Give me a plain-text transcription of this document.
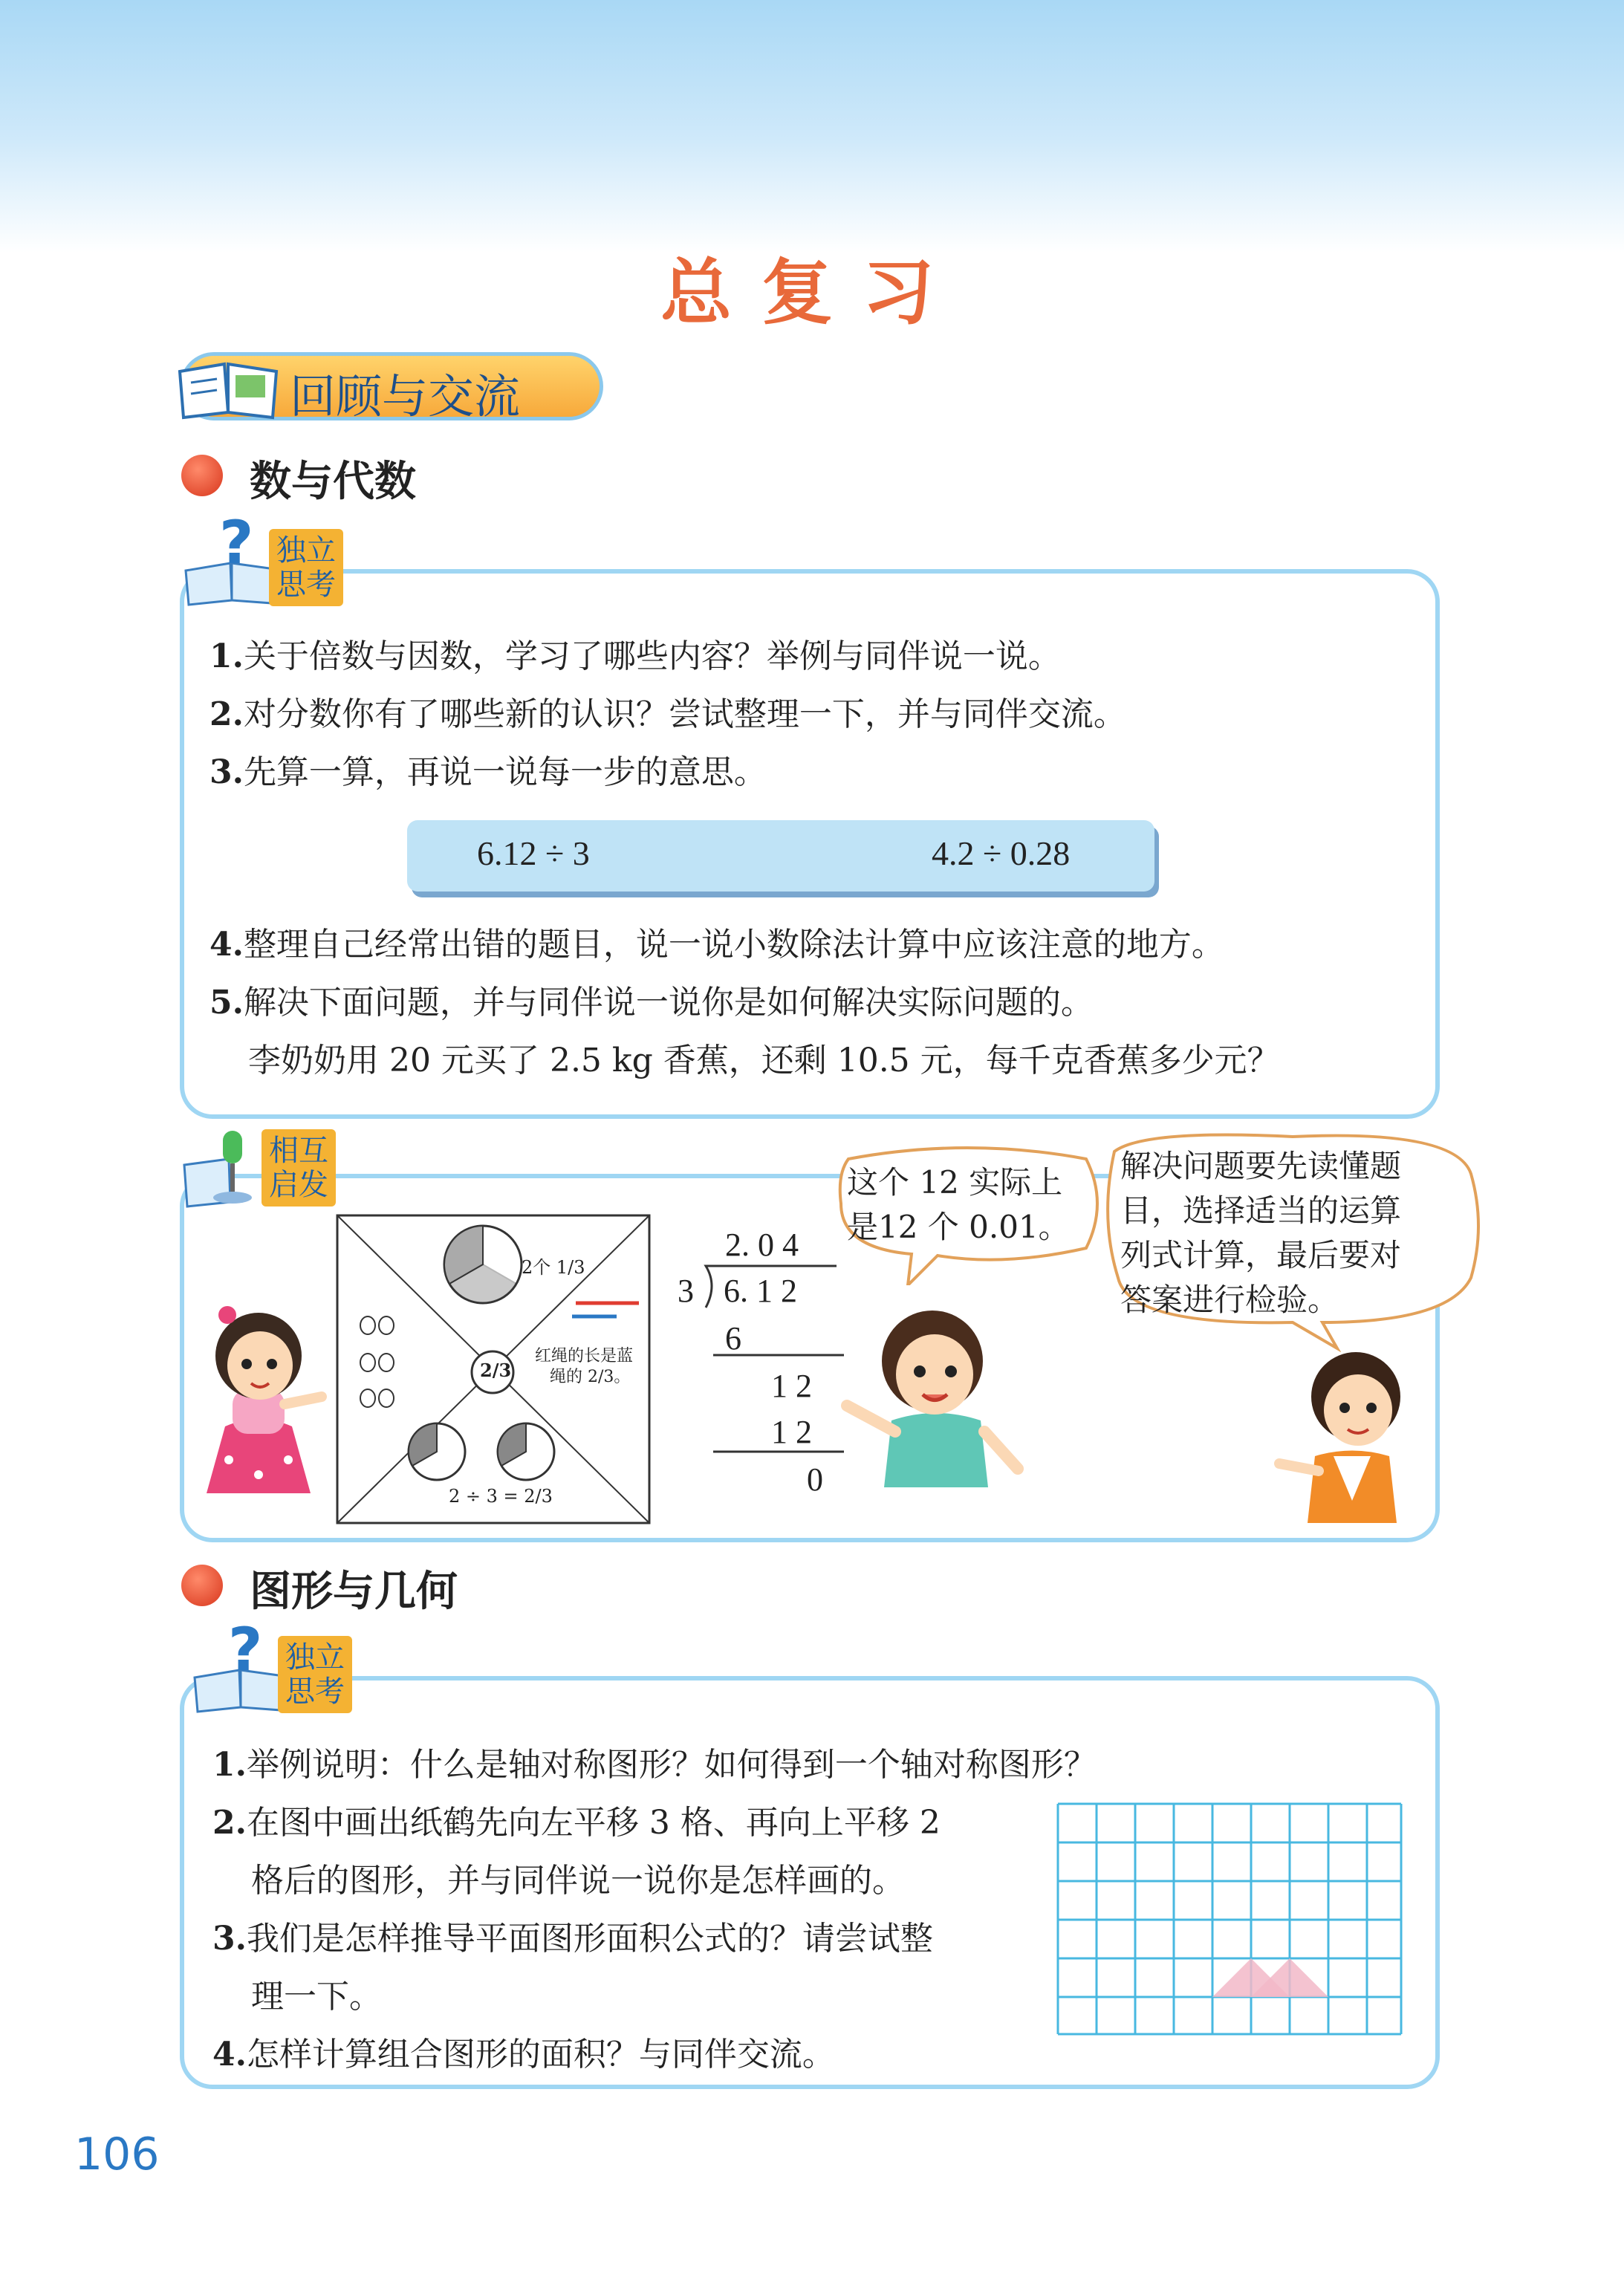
总复习
回顾与交流
数与代数
? 独立
思考
1.关于倍数与因数，学习了哪些内容？举例与同伴说一说。
2.对分数你有了哪些新的认识？尝试整理一下，并与同伴交流。
3.先算一算，再说一说每一步的意思。
6.12 ÷ 3	4.2 ÷ 0.28
4.整理自己经常出错的题目，说一说小数除法计算中应该注意的地方。
5.解决下面问题，并与同伴说一说你是如何解决实际问题的。
李奶奶用 20 元买了 2.5 kg 香蕉，还剩 10.5 元，每千克香蕉多少元？
相互
启发
2个 1/3
2/3
红绳的长是蓝
绳的 2/3。
2 ÷ 3 = 2/3
2. 0 4
3 6. 1 2
6
1 2
1 2
0
这个 12 实际上
是12 个 0.01。
解决问题要先读懂题
目，选择适当的运算
列式计算，最后要对
答案进行检验。
图形与几何
? 独立
思考
1.举例说明：什么是轴对称图形？如何得到一个轴对称图形？
2.在图中画出纸鹤先向左平移 3 格、再向上平移 2
格后的图形，并与同伴说一说你是怎样画的。
3.我们是怎样推导平面图形面积公式的？请尝试整
理一下。
4.怎样计算组合图形的面积？与同伴交流。
106
